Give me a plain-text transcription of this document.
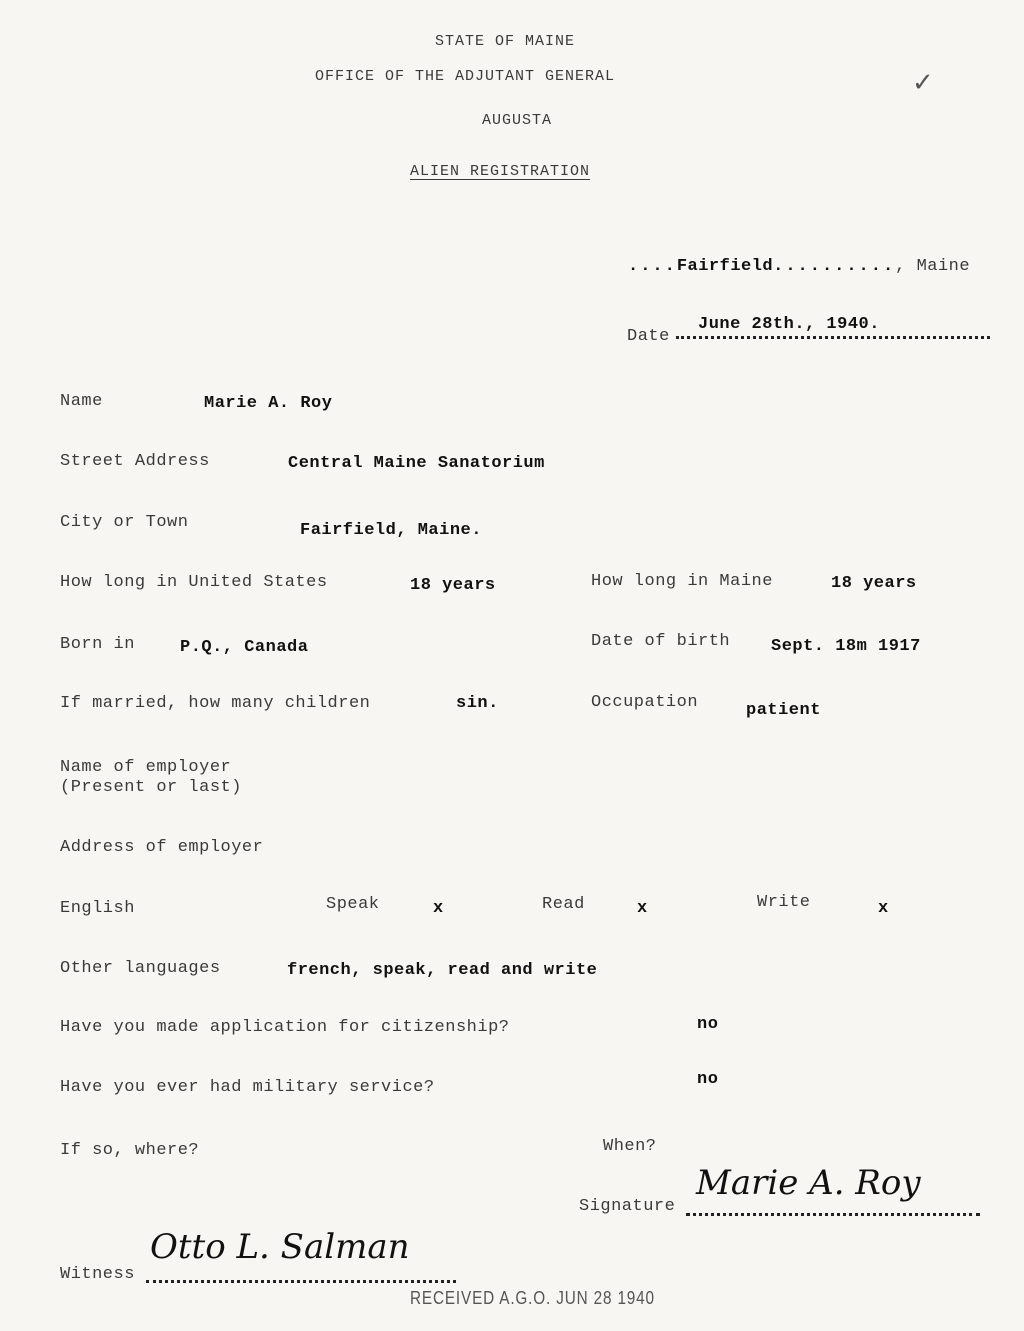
STATE OF MAINE
OFFICE OF THE ADJUTANT GENERAL
AUGUSTA
ALIEN REGISTRATION
✓
....Fairfield.........., Maine
Date
June 28th., 1940.
Name	Marie A. Roy
Street Address	Central Maine Sanatorium
City or Town	Fairfield, Maine.
How long in United States	18 years	How long in Maine	18 years
Born in	P.Q., Canada	Date of birth Sept. 18m 1917
If married, how many children	sin.	Occupation	patient
Name of employer
(Present or last)
Address of employer
English	Speak	x	Read	x	Write	x
Other languages	french, speak, read and write
Have you made application for citizenship?	no
Have you ever had military service?	no
If so, where?	When?
Signature
Marie A. Roy
Witness
Otto L. Salman
RECEIVED A.G.O. JUN 28 1940
